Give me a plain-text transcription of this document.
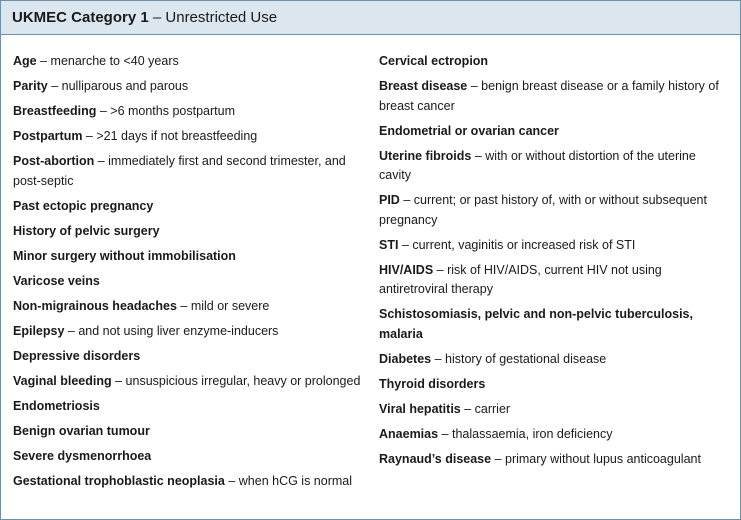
UKMEC Category 1 – Unrestricted Use
Age – menarche to <40 years
Parity – nulliparous and parous
Breastfeeding – >6 months postpartum
Postpartum – >21 days if not breastfeeding
Post-abortion – immediately first and second trimester, and post-septic
Past ectopic pregnancy
History of pelvic surgery
Minor surgery without immobilisation
Varicose veins
Non-migrainous headaches – mild or severe
Epilepsy – and not using liver enzyme-inducers
Depressive disorders
Vaginal bleeding – unsuspicious irregular, heavy or prolonged
Endometriosis
Benign ovarian tumour
Severe dysmenorrhoea
Gestational trophoblastic neoplasia – when hCG is normal
Cervical ectropion
Breast disease – benign breast disease or a family history of breast cancer
Endometrial or ovarian cancer
Uterine fibroids – with or without distortion of the uterine cavity
PID – current; or past history of, with or without subsequent pregnancy
STI – current, vaginitis or increased risk of STI
HIV/AIDS – risk of HIV/AIDS, current HIV not using antiretroviral therapy
Schistosomiasis, pelvic and non-pelvic tuberculosis, malaria
Diabetes – history of gestational disease
Thyroid disorders
Viral hepatitis – carrier
Anaemias – thalassaemia, iron deficiency
Raynaud’s disease – primary without lupus anticoagulant
